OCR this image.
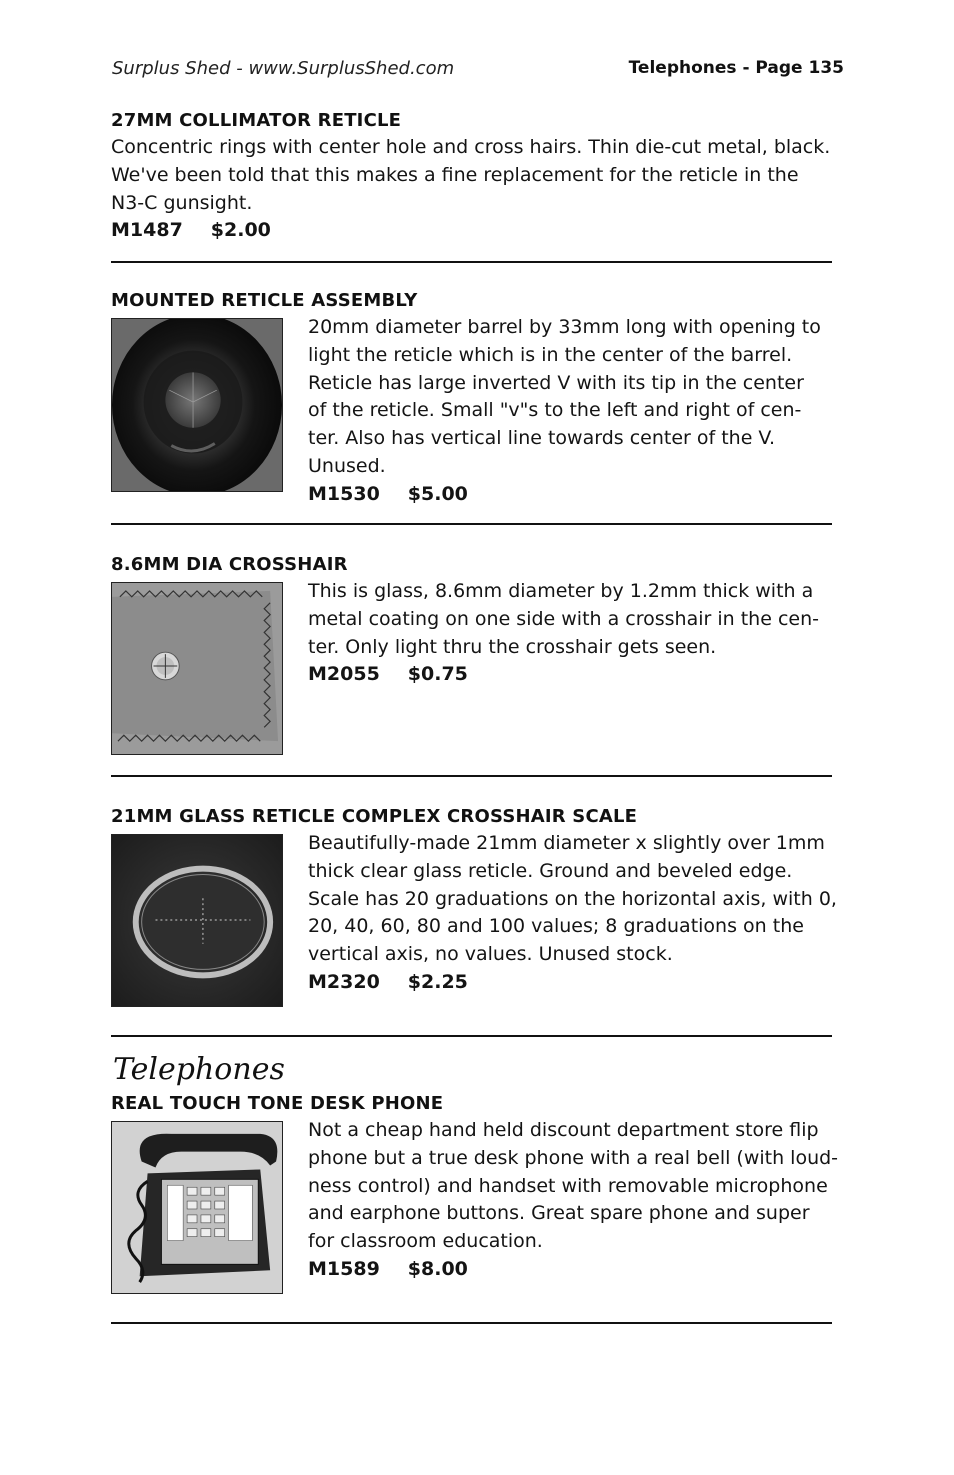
Surplus Shed - www.SurplusShed.com	Telephones - Page 135
27MM COLLIMATOR RETICLE
Concentric rings with center hole and cross hairs. Thin die-cut metal, black.
We've been told that this makes a fine replacement for the reticle in the
N3-C gunsight.
M1487 $2.00
MOUNTED RETICLE ASSEMBLY
20mm diameter barrel by 33mm long with opening to
light the reticle which is in the center of the barrel.
Reticle has large inverted V with its tip in the center
of the reticle. Small "v"s to the left and right of cen-
ter. Also has vertical line towards center of the V.
Unused.
M1530 $5.00
8.6MM DIA CROSSHAIR
This is glass, 8.6mm diameter by 1.2mm thick with a
metal coating on one side with a crosshair in the cen-
ter. Only light thru the crosshair gets seen.
M2055 $0.75
21MM GLASS RETICLE COMPLEX CROSSHAIR SCALE
Beautifully-made 21mm diameter x slightly over 1mm
thick clear glass reticle. Ground and beveled edge.
Scale has 20 graduations on the horizontal axis, with 0,
20, 40, 60, 80 and 100 values; 8 graduations on the
vertical axis, no values. Unused stock.
M2320 $2.25
Telephones
REAL TOUCH TONE DESK PHONE
Not a cheap hand held discount department store flip
phone but a true desk phone with a real bell (with loud-
ness control) and handset with removable microphone
and earphone buttons. Great spare phone and super
for classroom education.
M1589 $8.00
